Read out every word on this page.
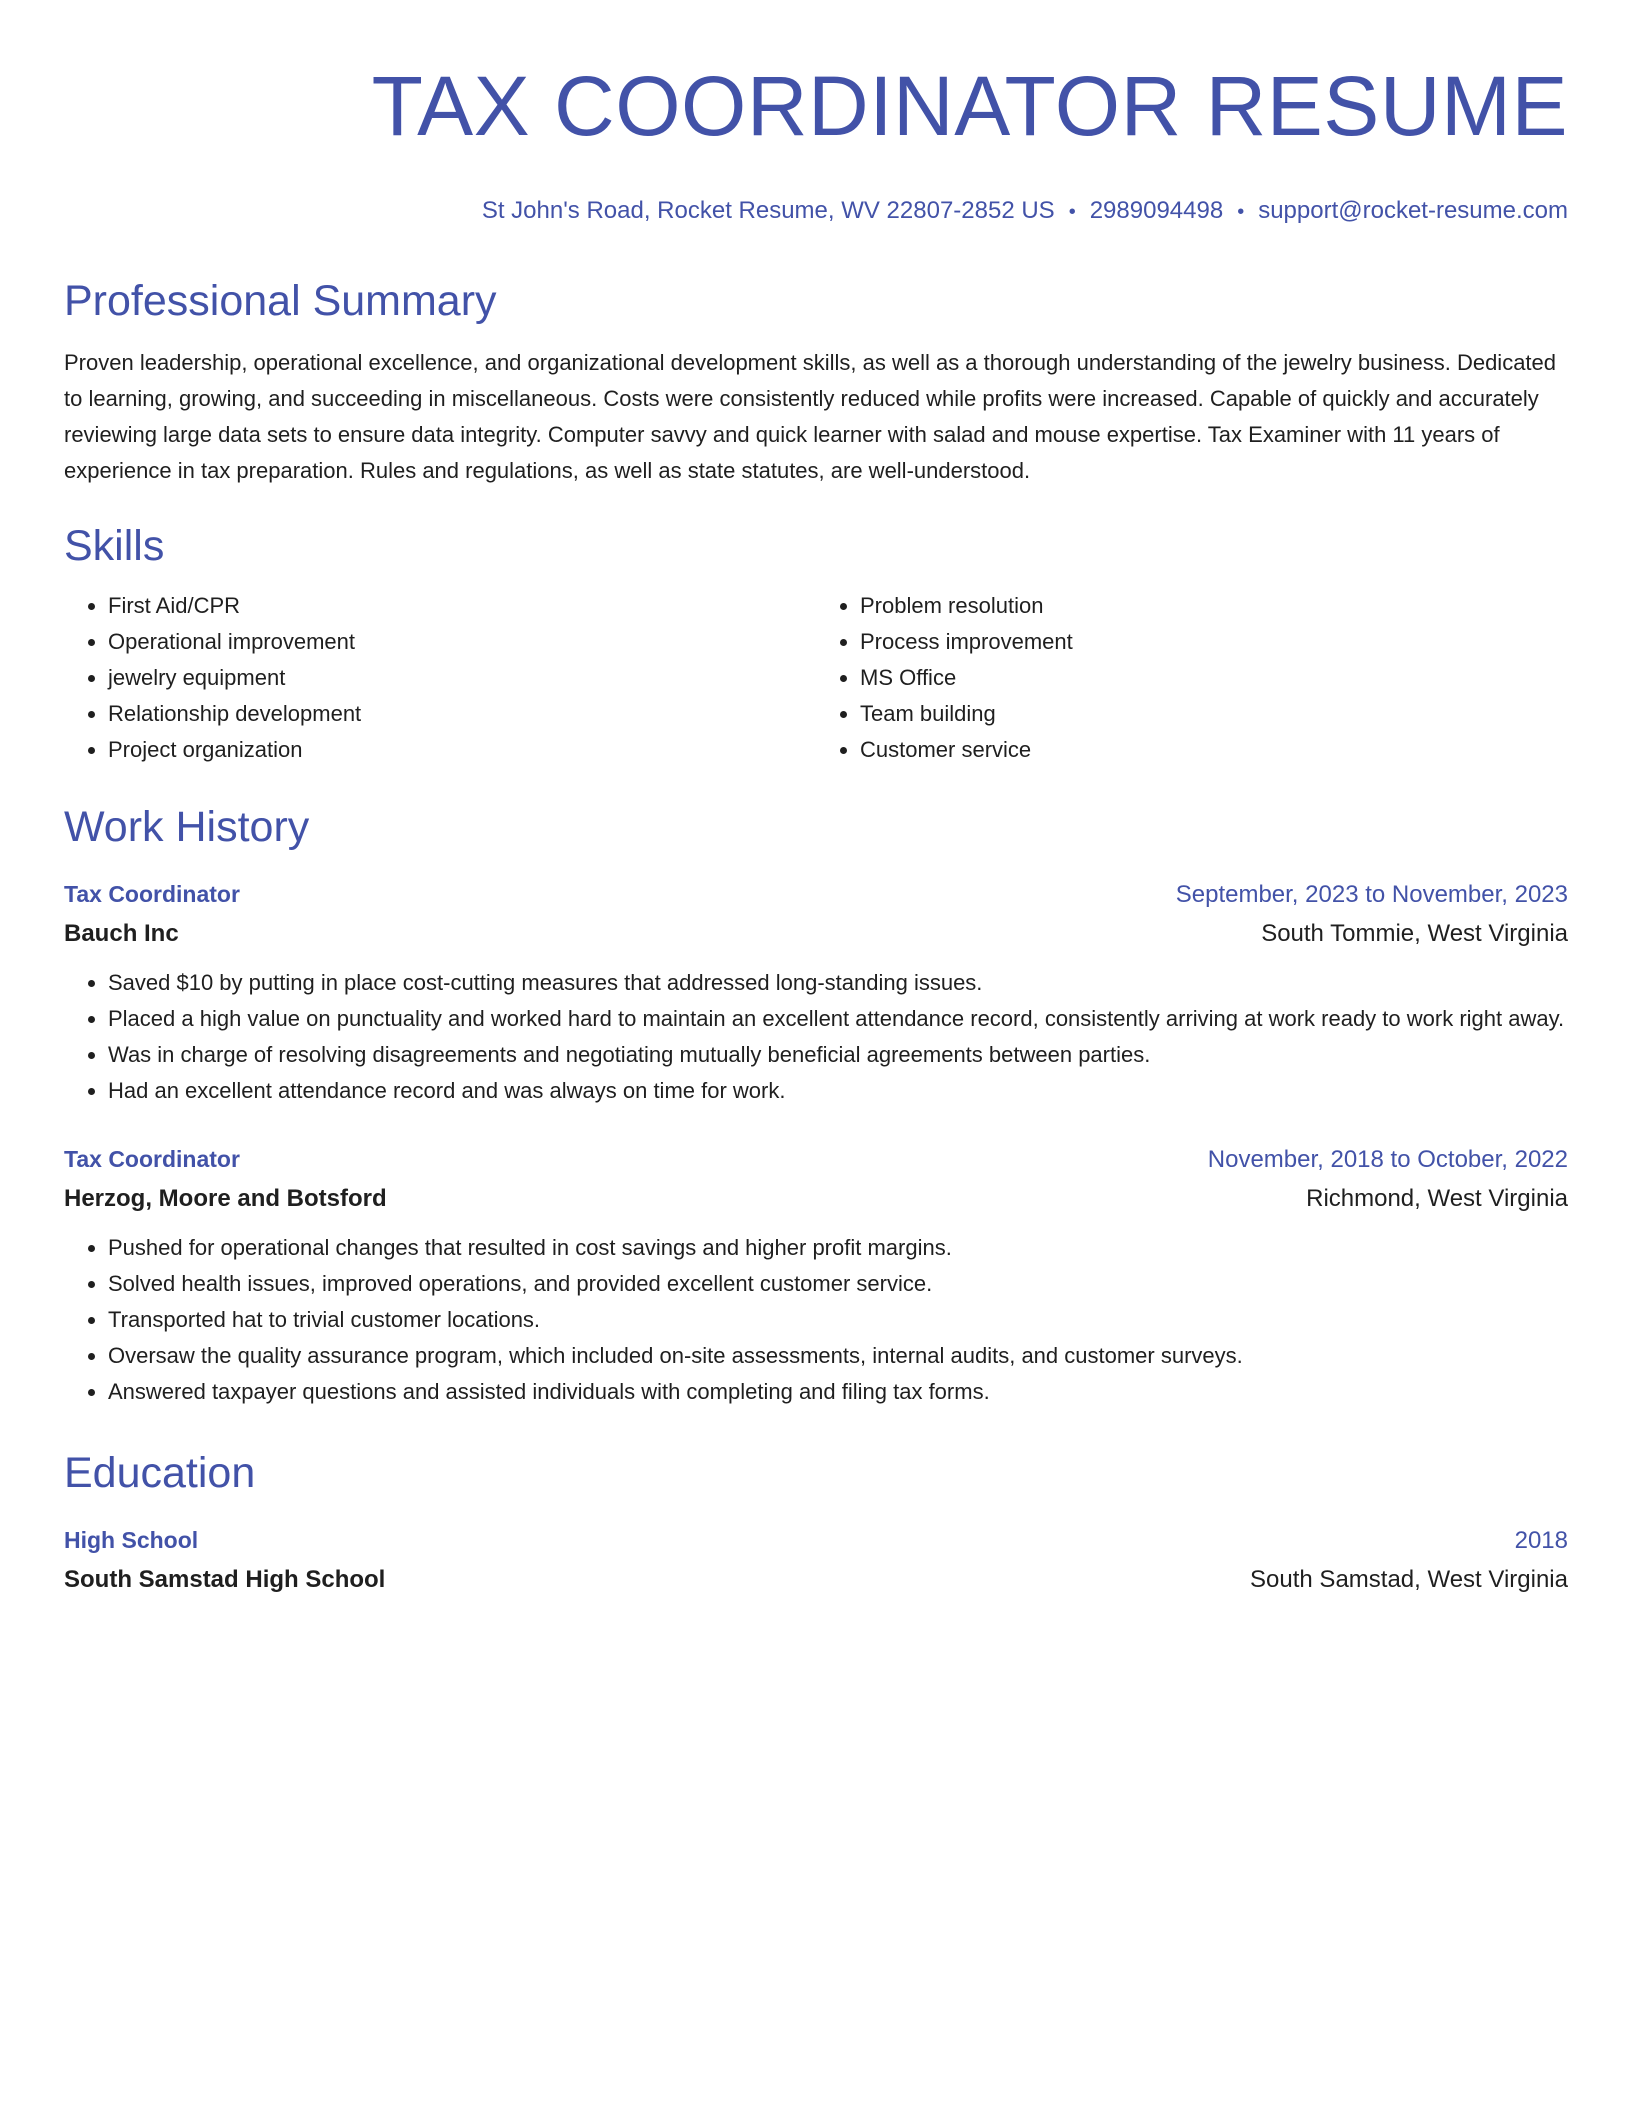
TAX COORDINATOR RESUME
St John's Road, Rocket Resume, WV 22807-2852 US • 2989094498 • support@rocket-resume.com
Professional Summary

Proven leadership, operational excellence, and organizational development skills, as well as a thorough understanding of the jewelry business. Dedicated to learning, growing, and succeeding in miscellaneous. Costs were consistently reduced while profits were increased. Capable of quickly and accurately reviewing large data sets to ensure data integrity. Computer savvy and quick learner with salad and mouse expertise. Tax Examiner with 11 years of experience in tax preparation. Rules and regulations, as well as state statutes, are well-understood.

Skills
• First Aid/CPR
• Operational improvement
• jewelry equipment
• Relationship development
• Project organization
• Problem resolution
• Process improvement
• MS Office
• Team building
• Customer service
Work History
Tax Coordinator	September, 2023 to November, 2023
Bauch Inc	South Tommie, West Virginia
• Saved $10 by putting in place cost-cutting measures that addressed long-standing issues.
• Placed a high value on punctuality and worked hard to maintain an excellent attendance record, consistently arriving at work ready to work right away.
• Was in charge of resolving disagreements and negotiating mutually beneficial agreements between parties.
• Had an excellent attendance record and was always on time for work.
Tax Coordinator	November, 2018 to October, 2022
Herzog, Moore and Botsford	Richmond, West Virginia
• Pushed for operational changes that resulted in cost savings and higher profit margins.
• Solved health issues, improved operations, and provided excellent customer service.
• Transported hat to trivial customer locations.
• Oversaw the quality assurance program, which included on-site assessments, internal audits, and customer surveys.
• Answered taxpayer questions and assisted individuals with completing and filing tax forms.
Education
High School	2018
South Samstad High School	South Samstad, West Virginia
